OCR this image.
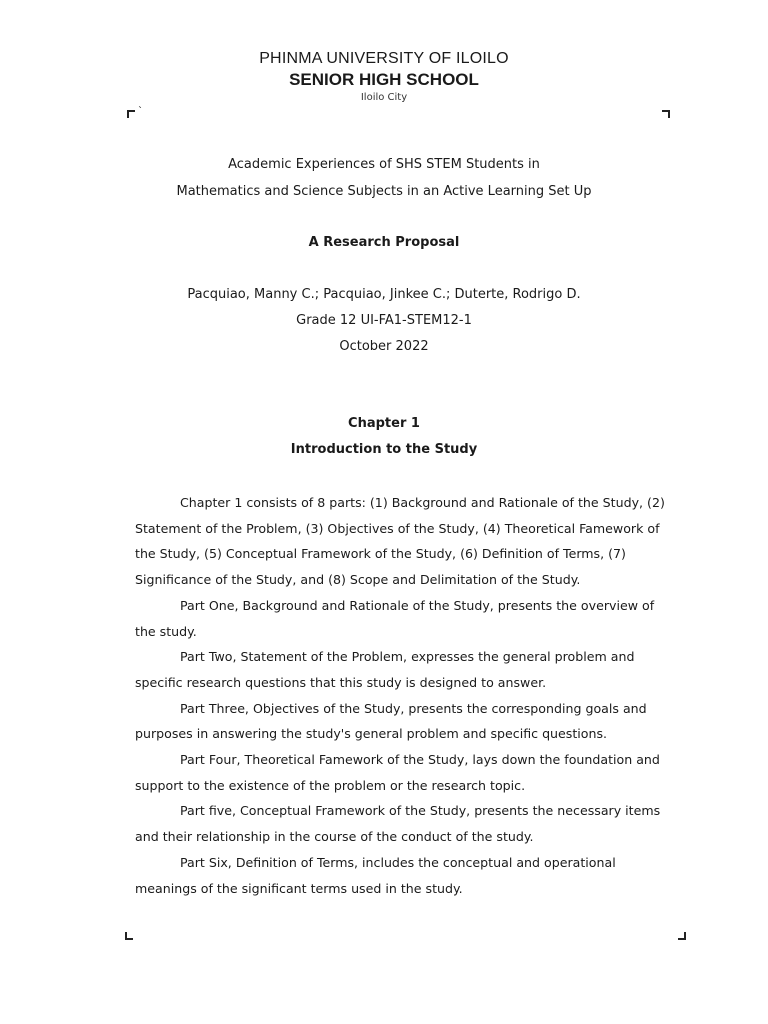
PHINMA UNIVERSITY OF ILOILO
SENIOR HIGH SCHOOL
Iloilo City
`
Academic Experiences of SHS STEM Students in
Mathematics and Science Subjects in an Active Learning Set Up
A Research Proposal
Pacquiao, Manny C.; Pacquiao, Jinkee C.; Duterte, Rodrigo D.
Grade 12 UI-FA1-STEM12-1
October 2022
Chapter 1
Introduction to the Study

Chapter 1 consists of 8 parts: (1) Background and Rationale of the Study, (2) Statement of the Problem, (3) Objectives of the Study, (4) Theoretical Famework of the Study, (5) Conceptual Framework of the Study, (6) Definition of Terms, (7) Significance of the Study, and (8) Scope and Delimitation of the Study.

Part One, Background and Rationale of the Study, presents the overview of the study.

Part Two, Statement of the Problem, expresses the general problem and specific research questions that this study is designed to answer.

Part Three, Objectives of the Study, presents the corresponding goals and purposes in answering the study's general problem and specific questions.

Part Four, Theoretical Famework of the Study, lays down the foundation and support to the existence of the problem or the research topic.

Part five, Conceptual Framework of the Study, presents the necessary items and their relationship in the course of the conduct of the study.

Part Six, Definition of Terms, includes the conceptual and operational meanings of the significant terms used in the study.
